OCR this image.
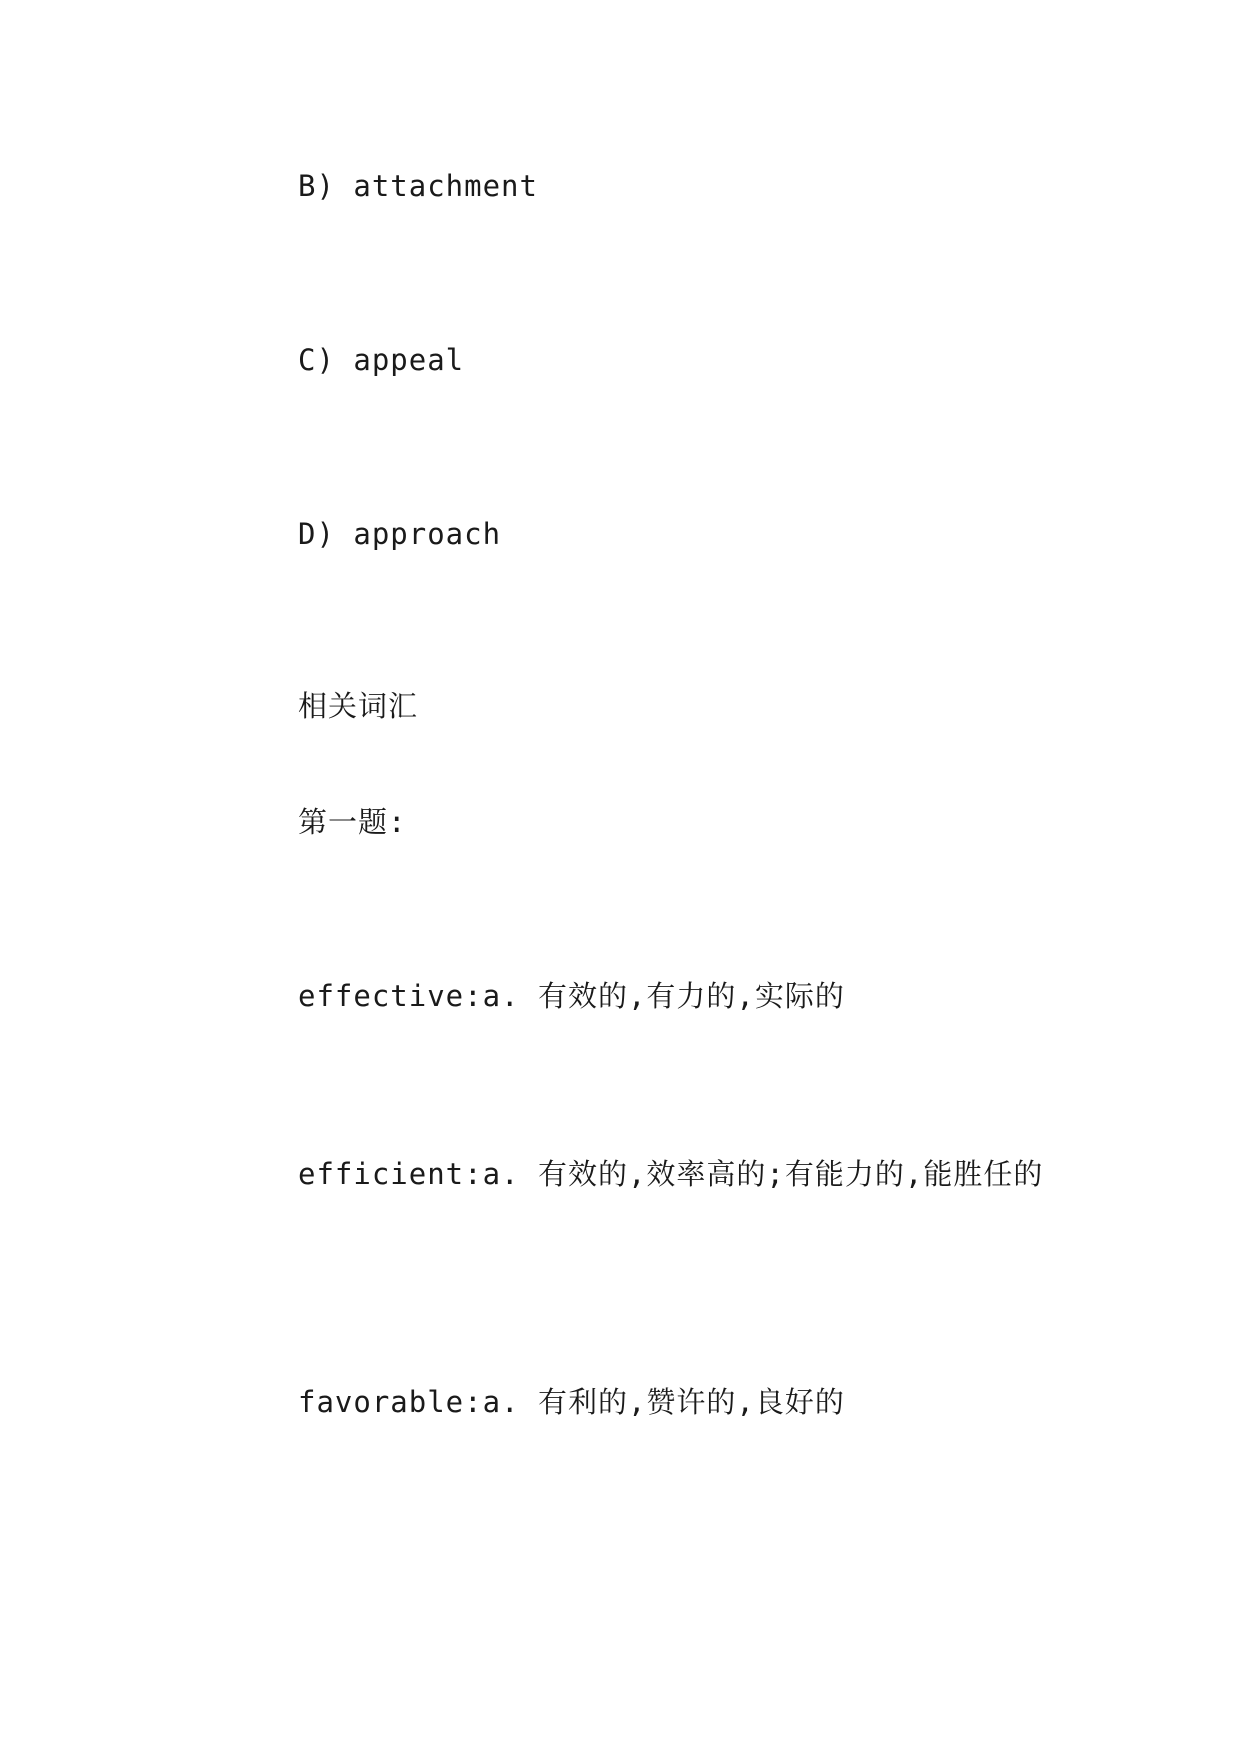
B) attachment
C) appeal
D) approach
相关词汇
第一题:
effective:a. 有效的,有力的,实际的
efficient:a. 有效的,效率高的;有能力的,能胜任的
favorable:a. 有利的,赞许的,良好的
